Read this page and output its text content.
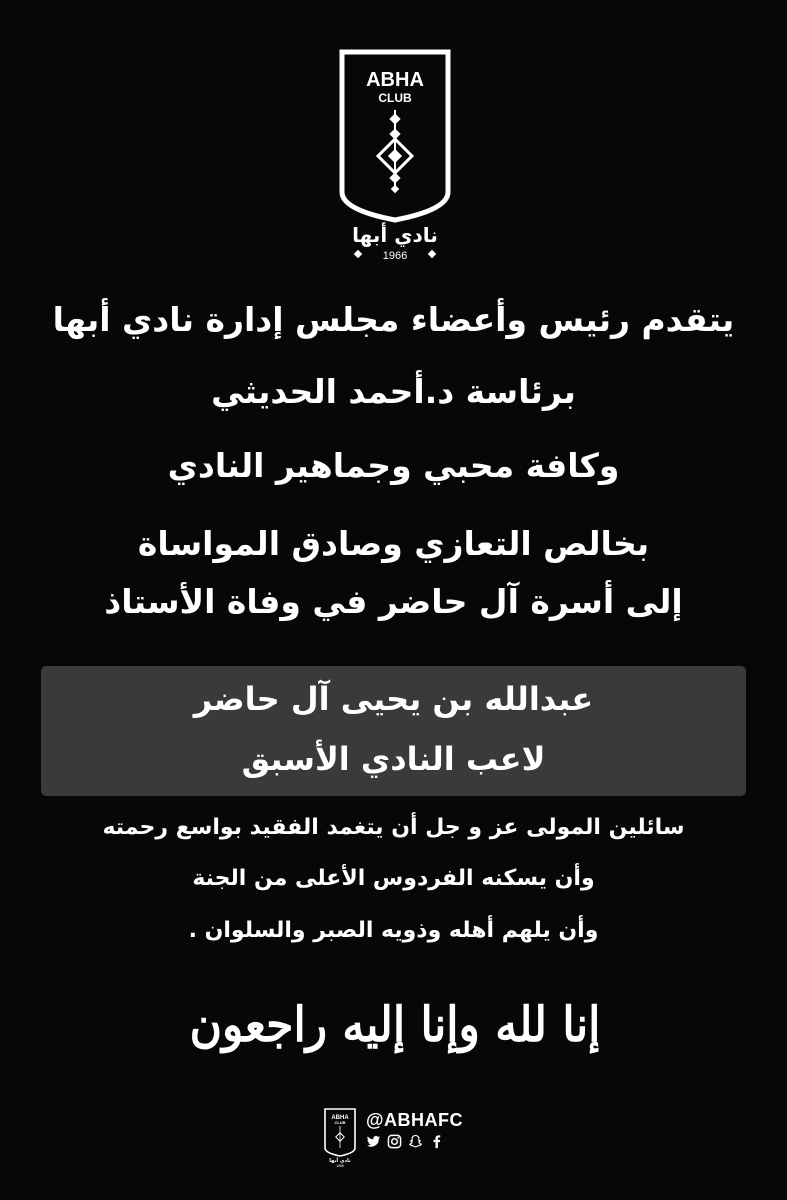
ABHA
CLUB
نادي أبها
1966
يتقدم رئيس وأعضاء مجلس إدارة نادي أبها
برئاسة د.أحمد الحديثي
وكافة محبي وجماهير النادي
بخالص التعازي وصادق المواساة
إلى أسرة آل حاضر في وفاة الأستاذ
عبدالله بن يحيى آل حاضر
لاعب النادي الأسبق
سائلين المولى عز و جل أن يتغمد الفقيد بواسع رحمته
وأن يسكنه الفردوس الأعلى من الجنة
وأن يلهم أهله وذويه الصبر والسلوان .
إنا لله وإنا إليه راجعون
ABHA
CLUB
نادي أبها
1966
@ABHAFC
